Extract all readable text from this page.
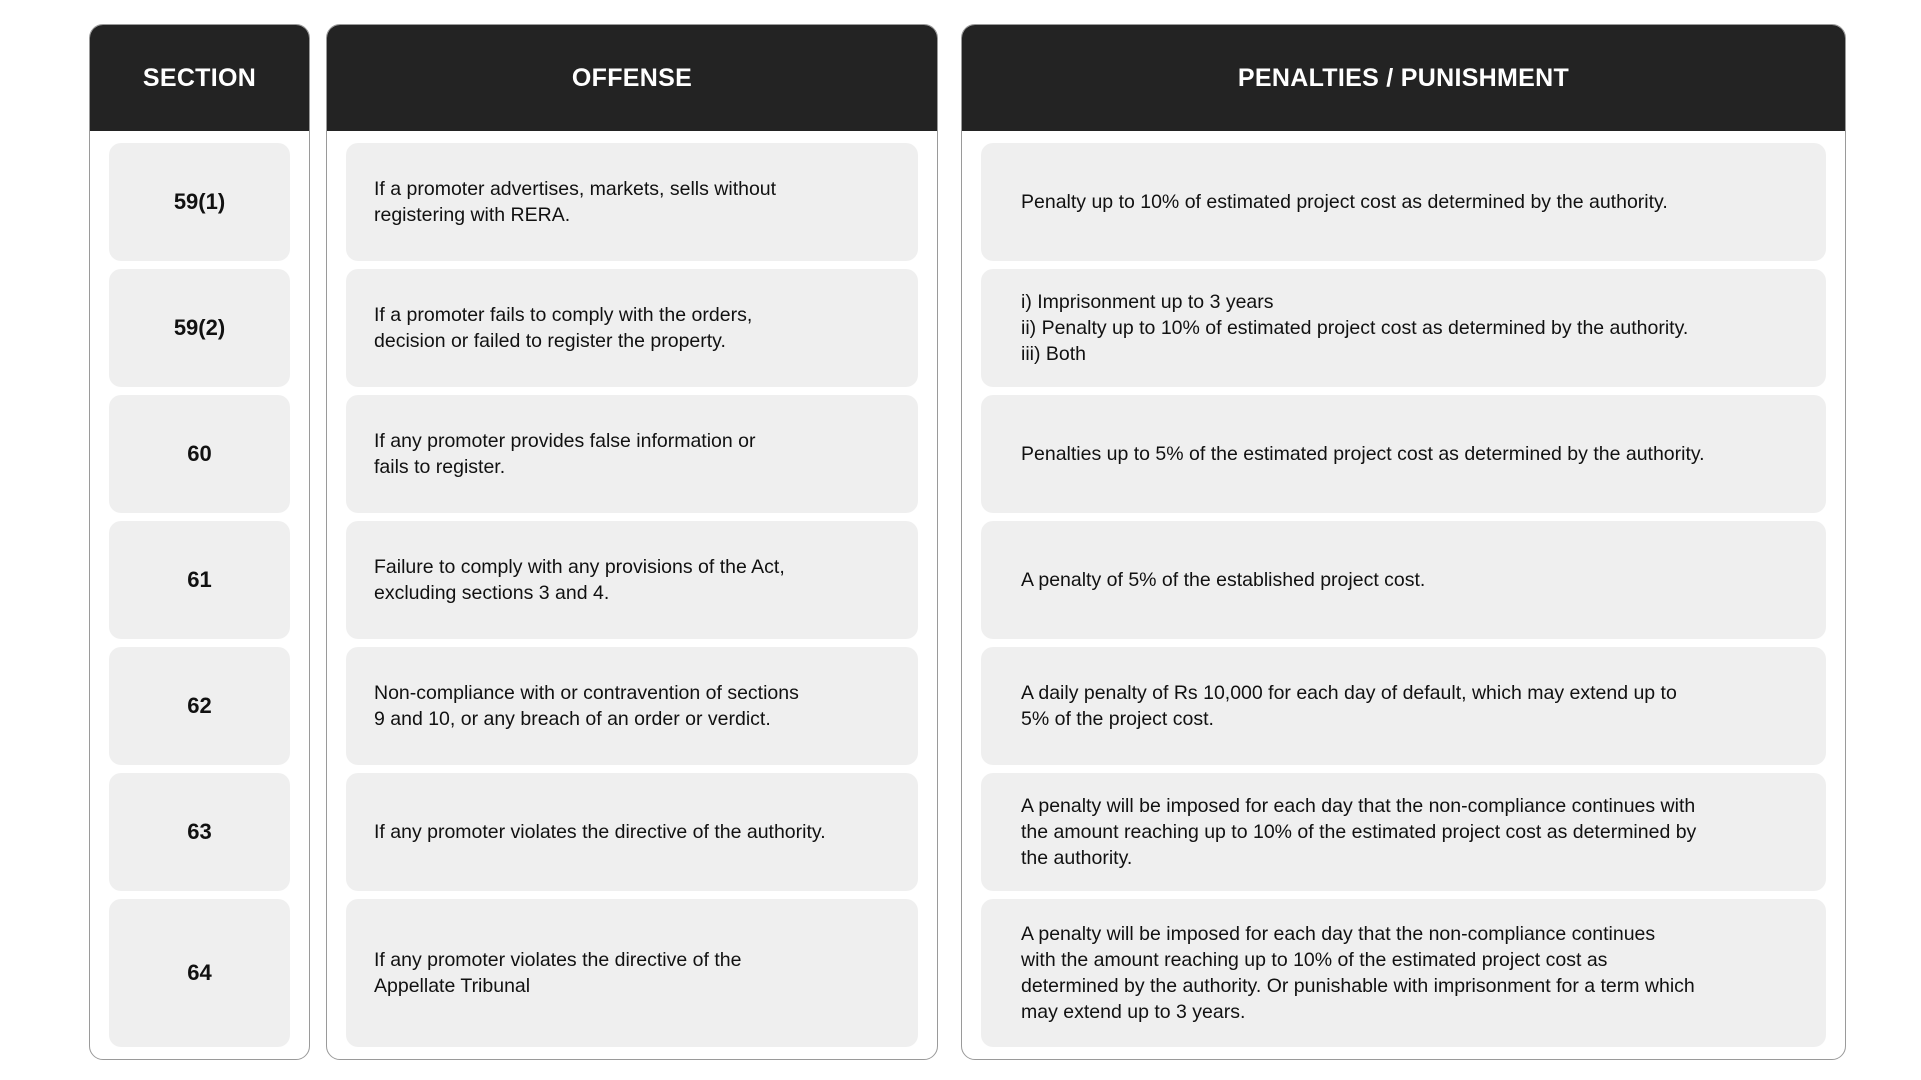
SECTION
59(1)
59(2)
60
61
62
63
64
OFFENSE
If a promoter advertises, markets, sells without
registering with RERA.
If a promoter fails to comply with the orders,
decision or failed to register the property.
If any promoter provides false information or
fails to register.
Failure to comply with any provisions of the Act,
excluding sections 3 and 4.
Non-compliance with or contravention of sections
9 and 10, or any breach of an order or verdict.
If any promoter violates the directive of the authority.
If any promoter violates the directive of the
Appellate Tribunal
PENALTIES / PUNISHMENT
Penalty up to 10% of estimated project cost as determined by the authority.
i) Imprisonment up to 3 years
ii) Penalty up to 10% of estimated project cost as determined by the authority.
iii) Both
Penalties up to 5% of the estimated project cost as determined by the authority.
A penalty of 5% of the established project cost.
A daily penalty of Rs 10,000 for each day of default, which may extend up to
5% of the project cost.
A penalty will be imposed for each day that the non-compliance continues with
the amount reaching up to 10% of the estimated project cost as determined by
the authority.
A penalty will be imposed for each day that the non-compliance continues
with the amount reaching up to 10% of the estimated project cost as
determined by the authority. Or punishable with imprisonment for a term which
may extend up to 3 years.
